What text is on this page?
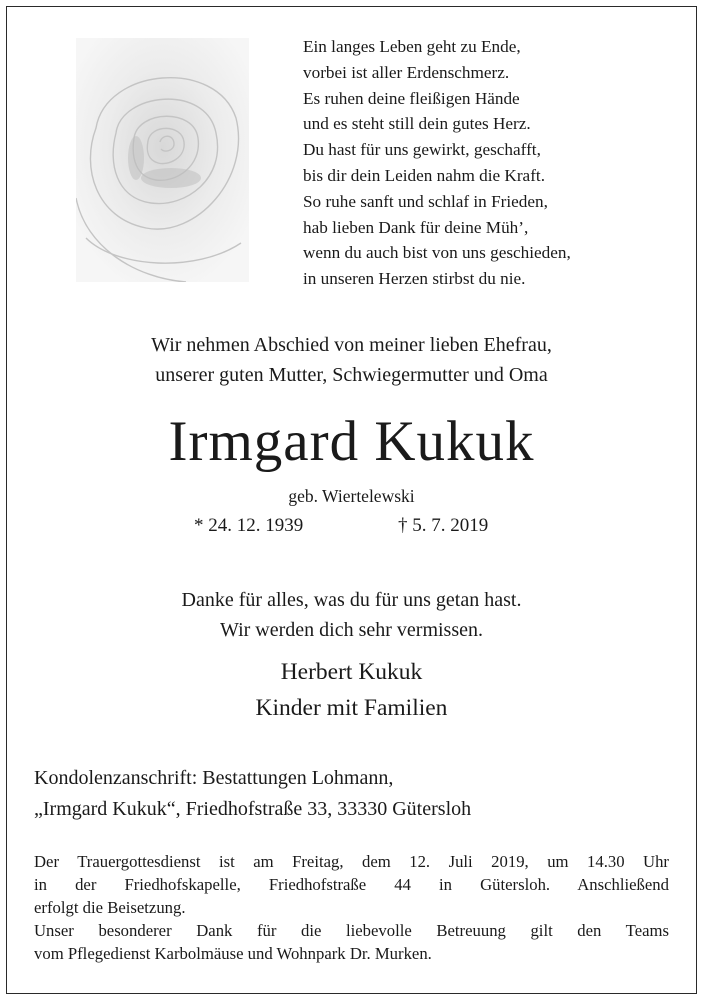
Ein langes Leben geht zu Ende,
vorbei ist aller Erdenschmerz.
Es ruhen deine fleißigen Hände
und es steht still dein gutes Herz.
Du hast für uns gewirkt, geschafft,
bis dir dein Leiden nahm die Kraft.
So ruhe sanft und schlaf in Frieden,
hab lieben Dank für deine Müh’,
wenn du auch bist von uns geschieden,
in unseren Herzen stirbst du nie.
Wir nehmen Abschied von meiner lieben Ehefrau,
unserer guten Mutter, Schwiegermutter und Oma
Irmgard Kukuk
geb. Wiertelewski
* 24. 12. 1939	† 5. 7. 2019
Danke für alles, was du für uns getan hast.
Wir werden dich sehr vermissen.
Herbert Kukuk
Kinder mit Familien
Kondolenzanschrift: Bestattungen Lohmann,
„Irmgard Kukuk“, Friedhofstraße 33, 33330 Gütersloh
Der Trauergottesdienst ist am Freitag, dem 12. Juli 2019, um 14.30 Uhr
in der Friedhofskapelle, Friedhofstraße 44 in Gütersloh. Anschließend
erfolgt die Beisetzung.
Unser besonderer Dank für die liebevolle Betreuung gilt den Teams
vom Pflegedienst Karbolmäuse und Wohnpark Dr. Murken.
